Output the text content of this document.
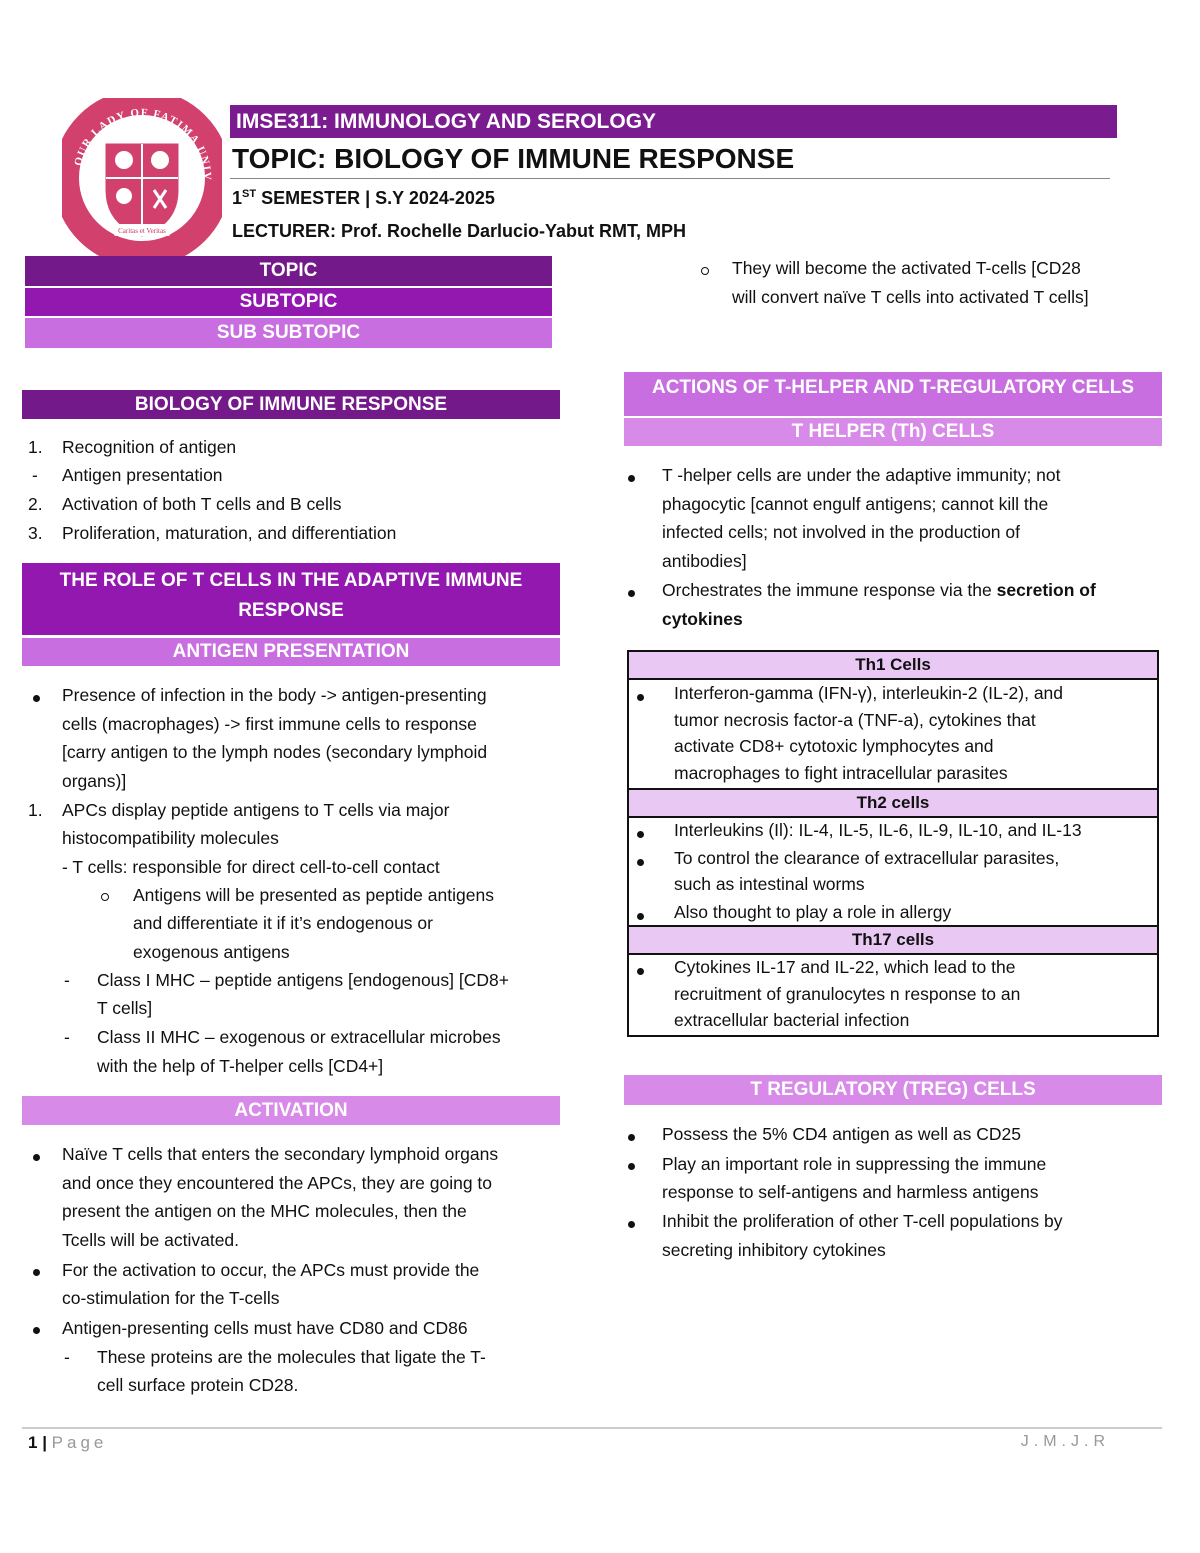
OUR LADY OF FATIMA UNIV
Caritas et Veritas
IMSE311: IMMUNOLOGY AND SEROLOGY
TOPIC: BIOLOGY OF IMMUNE RESPONSE
1ST SEMESTER | S.Y 2024-2025
LECTURER: Prof. Rochelle Darlucio-Yabut RMT, MPH
TOPIC
SUBTOPIC
SUB SUBTOPIC
BIOLOGY OF IMMUNE RESPONSE
1. Recognition of antigen
- Antigen presentation
2. Activation of both T cells and B cells
3. Proliferation, maturation, and differentiation
THE ROLE OF T CELLS IN THE ADAPTIVE IMMUNE
RESPONSE
ANTIGEN PRESENTATION
Presence of infection in the body -> antigen-presenting
cells (macrophages) -> first immune cells to response
[carry antigen to the lymph nodes (secondary lymphoid
organs)]
1. APCs display peptide antigens to T cells via major
histocompatibility molecules
- T cells: responsible for direct cell-to-cell contact
Antigens will be presented as peptide antigens
and differentiate it if it’s endogenous or
exogenous antigens
- Class I MHC – peptide antigens [endogenous] [CD8+
T cells]
- Class II MHC – exogenous or extracellular microbes
with the help of T-helper cells [CD4+]
ACTIVATION
Naïve T cells that enters the secondary lymphoid organs
and once they encountered the APCs, they are going to
present the antigen on the MHC molecules, then the
Tcells will be activated.
For the activation to occur, the APCs must provide the
co-stimulation for the T-cells
Antigen-presenting cells must have CD80 and CD86
- These proteins are the molecules that ligate the T-
cell surface protein CD28.
They will become the activated T-cells [CD28
will convert naïve T cells into activated T cells]
ACTIONS OF T-HELPER AND T-REGULATORY CELLS
T HELPER (Th) CELLS
T -helper cells are under the adaptive immunity; not
phagocytic [cannot engulf antigens; cannot kill the
infected cells; not involved in the production of
antibodies]
Orchestrates the immune response via the secretion of
cytokines
Th1 Cells

Interferon-gamma (IFN-γ), interleukin-2 (IL-2), and
tumor necrosis factor-a (TNF-a), cytokines that
activate CD8+ cytotoxic lymphocytes and
macrophages to fight intracellular parasites

Th2 cells

Interleukins (Il): IL-4, IL-5, IL-6, IL-9, IL-10, and IL-13
To control the clearance of extracellular parasites,
such as intestinal worms
Also thought to play a role in allergy

Th17 cells

Cytokines IL-17 and IL-22, which lead to the
recruitment of granulocytes n response to an
extracellular bacterial infection
T REGULATORY (TREG) CELLS
Possess the 5% CD4 antigen as well as CD25
Play an important role in suppressing the immune
response to self-antigens and harmless antigens
Inhibit the proliferation of other T-cell populations by
secreting inhibitory cytokines
1 | Page	J.M.J.R
